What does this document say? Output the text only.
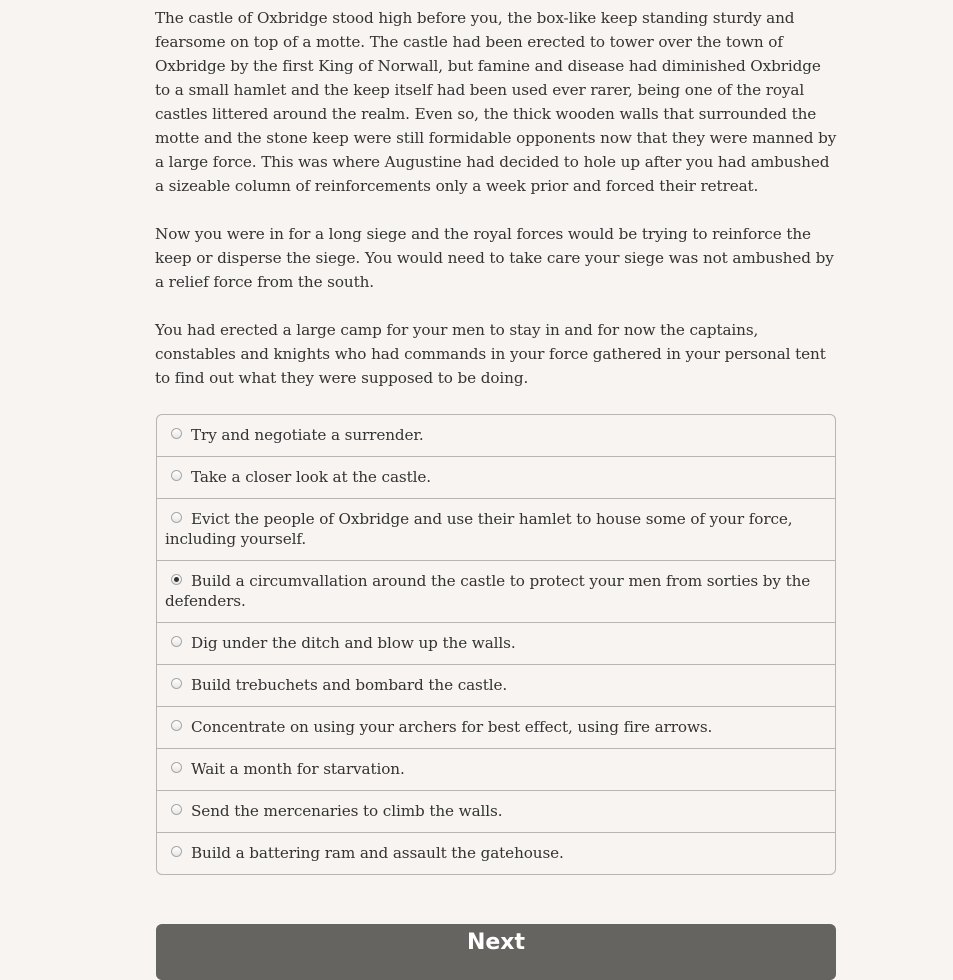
The castle of Oxbridge stood high before you, the box-like keep standing sturdy and fearsome on top of a motte. The castle had been erected to tower over the town of Oxbridge by the first King of Norwall, but famine and disease had diminished Oxbridge to a small hamlet and the keep itself had been used ever rarer, being one of the royal castles littered around the realm. Even so, the thick wooden walls that surrounded the motte and the stone keep were still formidable opponents now that they were manned by a large force. This was where Augustine had decided to hole up after you had ambushed a sizeable column of reinforcements only a week prior and forced their retreat.

Now you were in for a long siege and the royal forces would be trying to reinforce the keep or disperse the siege. You would need to take care your siege was not ambushed by a relief force from the south.

You had erected a large camp for your men to stay in and for now the captains, constables and knights who had commands in your force gathered in your personal tent to find out what they were supposed to be doing.

Try and negotiate a surrender.
Take a closer look at the castle.
Evict the people of Oxbridge and use their hamlet to house some of your force, including yourself.
Build a circumvallation around the castle to protect your men from sorties by the defenders.
Dig under the ditch and blow up the walls.
Build trebuchets and bombard the castle.
Concentrate on using your archers for best effect, using fire arrows.
Wait a month for starvation.
Send the mercenaries to climb the walls.
Build a battering ram and assault the gatehouse.
Next
